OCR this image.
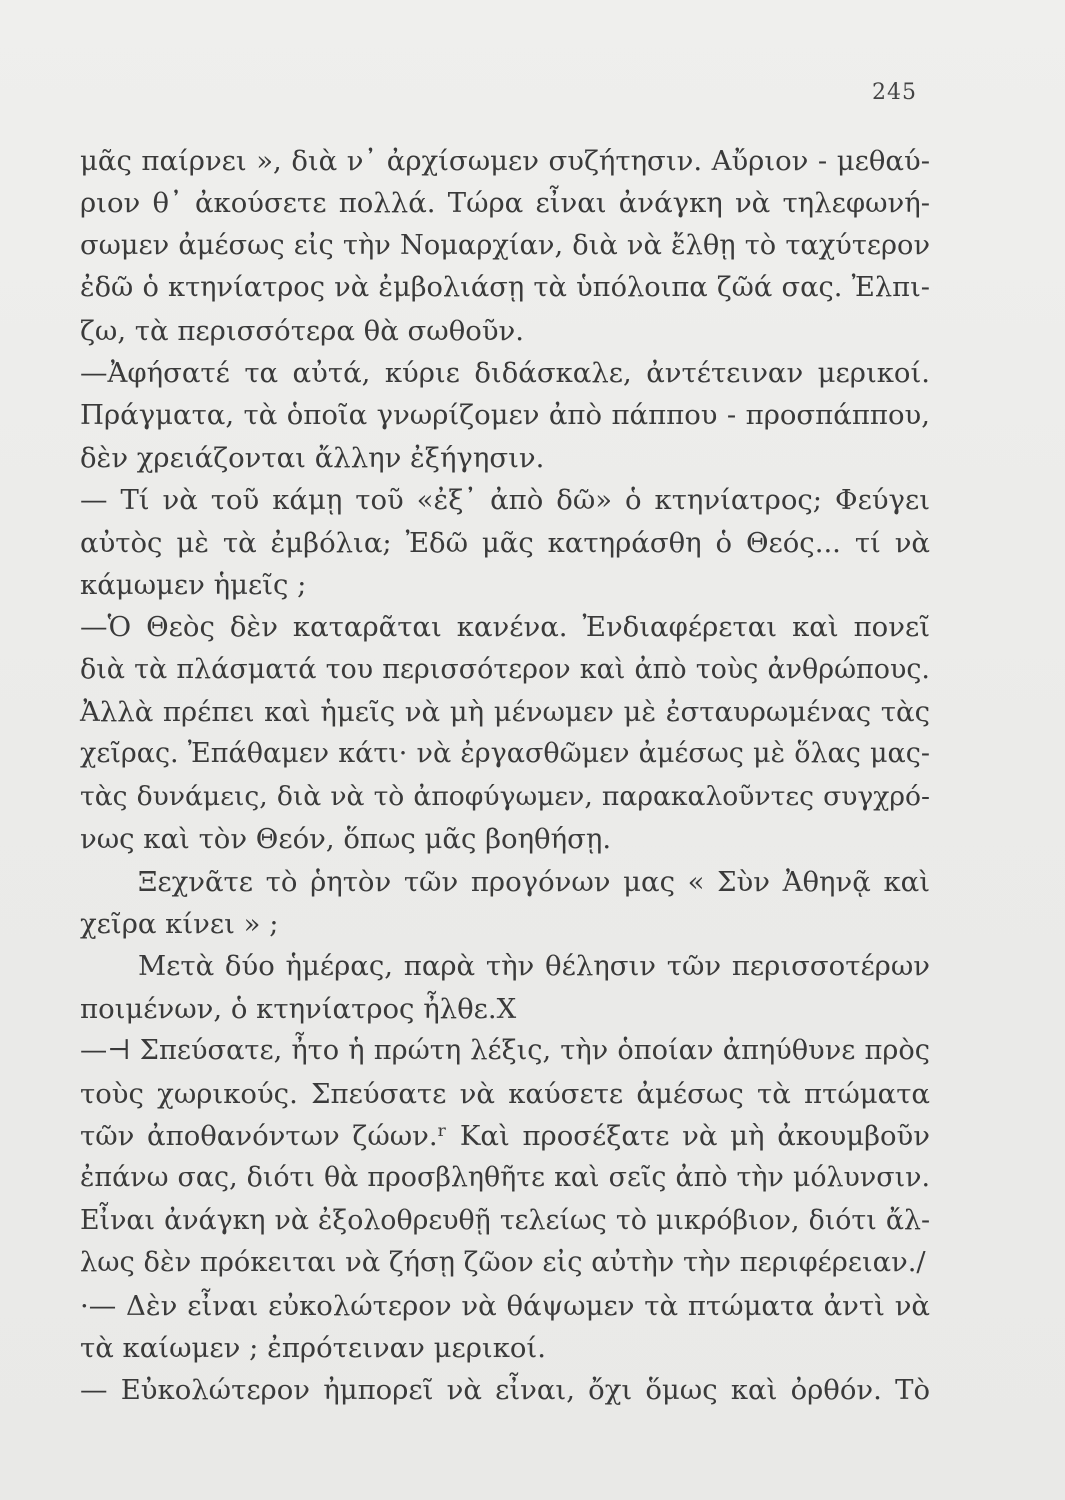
245
μᾶς παίρνει », διὰ ν᾿ ἀρχίσωμεν συζήτησιν. Αὔριον - μεθαύ-
ριον θ᾿ ἀκούσετε πολλά. Τώρα εἶναι ἀνάγκη νὰ τηλεφωνή-
σωμεν ἀμέσως εἰς τὴν Νομαρχίαν, διὰ νὰ ἔλθῃ τὸ ταχύτερον
ἐδῶ ὁ κτηνίατρος νὰ ἐμβολιάσῃ τὰ ὑπόλοιπα ζῶά σας. Ἐλπι-
ζω, τὰ περισσότερα θὰ σωθοῦν.
—Ἀφήσατέ τα αὐτά, κύριε διδάσκαλε, ἀντέτειναν μερικοί.
Πράγματα, τὰ ὁποῖα γνωρίζομεν ἀπὸ πάππου - προσπάππου,
δὲν χρειάζονται ἄλλην ἐξήγησιν.
— Τί νὰ τοῦ κάμῃ τοῦ «ἐξ᾿ ἀπὸ δῶ» ὁ κτηνίατρος; Φεύγει
αὐτὸς μὲ τὰ ἐμβόλια; Ἐδῶ μᾶς κατηράσθη ὁ Θεός... τί νὰ
κάμωμεν ἡμεῖς ;
—Ὁ Θεὸς δὲν καταρᾶται κανένα. Ἐνδιαφέρεται καὶ πονεῖ
διὰ τὰ πλάσματά του περισσότερον καὶ ἀπὸ τοὺς ἀνθρώπους.
Ἀλλὰ πρέπει καὶ ἡμεῖς νὰ μὴ μένωμεν μὲ ἐσταυρωμένας τὰς
χεῖρας. Ἐπάθαμεν κάτι· νὰ ἐργασθῶμεν ἀμέσως μὲ ὅλας μας-
τὰς δυνάμεις, διὰ νὰ τὸ ἀποφύγωμεν, παρακαλοῦντες συγχρό-
νως καὶ τὸν Θεόν, ὅπως μᾶς βοηθήσῃ.
Ξεχνᾶτε τὸ ῥητὸν τῶν προγόνων μας « Σὺν Ἀθηνᾷ καὶ
χεῖρα κίνει » ;
Μετὰ δύο ἡμέρας, παρὰ τὴν θέλησιν τῶν περισσοτέρων
ποιμένων, ὁ κτηνίατρος ἦλθε.Χ
—⊣ Σπεύσατε, ἦτο ἡ πρώτη λέξις, τὴν ὁποίαν ἀπηύθυνε πρὸς
τοὺς χωρικούς. Σπεύσατε νὰ καύσετε ἀμέσως τὰ πτώματα
τῶν ἀποθανόντων ζώων.ʳ Καὶ προσέξατε νὰ μὴ ἀκουμβοῦν
ἐπάνω σας, διότι θὰ προσβληθῆτε καὶ σεῖς ἀπὸ τὴν μόλυνσιν.
Εἶναι ἀνάγκη νὰ ἐξολοθρευθῇ τελείως τὸ μικρόβιον, διότι ἄλ-
λως δὲν πρόκειται νὰ ζήσῃ ζῶον εἰς αὐτὴν τὴν περιφέρειαν./
·— Δὲν εἶναι εὐκολώτερον νὰ θάψωμεν τὰ πτώματα ἀντὶ νὰ
τὰ καίωμεν ; ἐπρότειναν μερικοί.
— Εὐκολώτερον ἠμπορεῖ νὰ εἶναι, ὄχι ὅμως καὶ ὀρθόν. Τὸ
